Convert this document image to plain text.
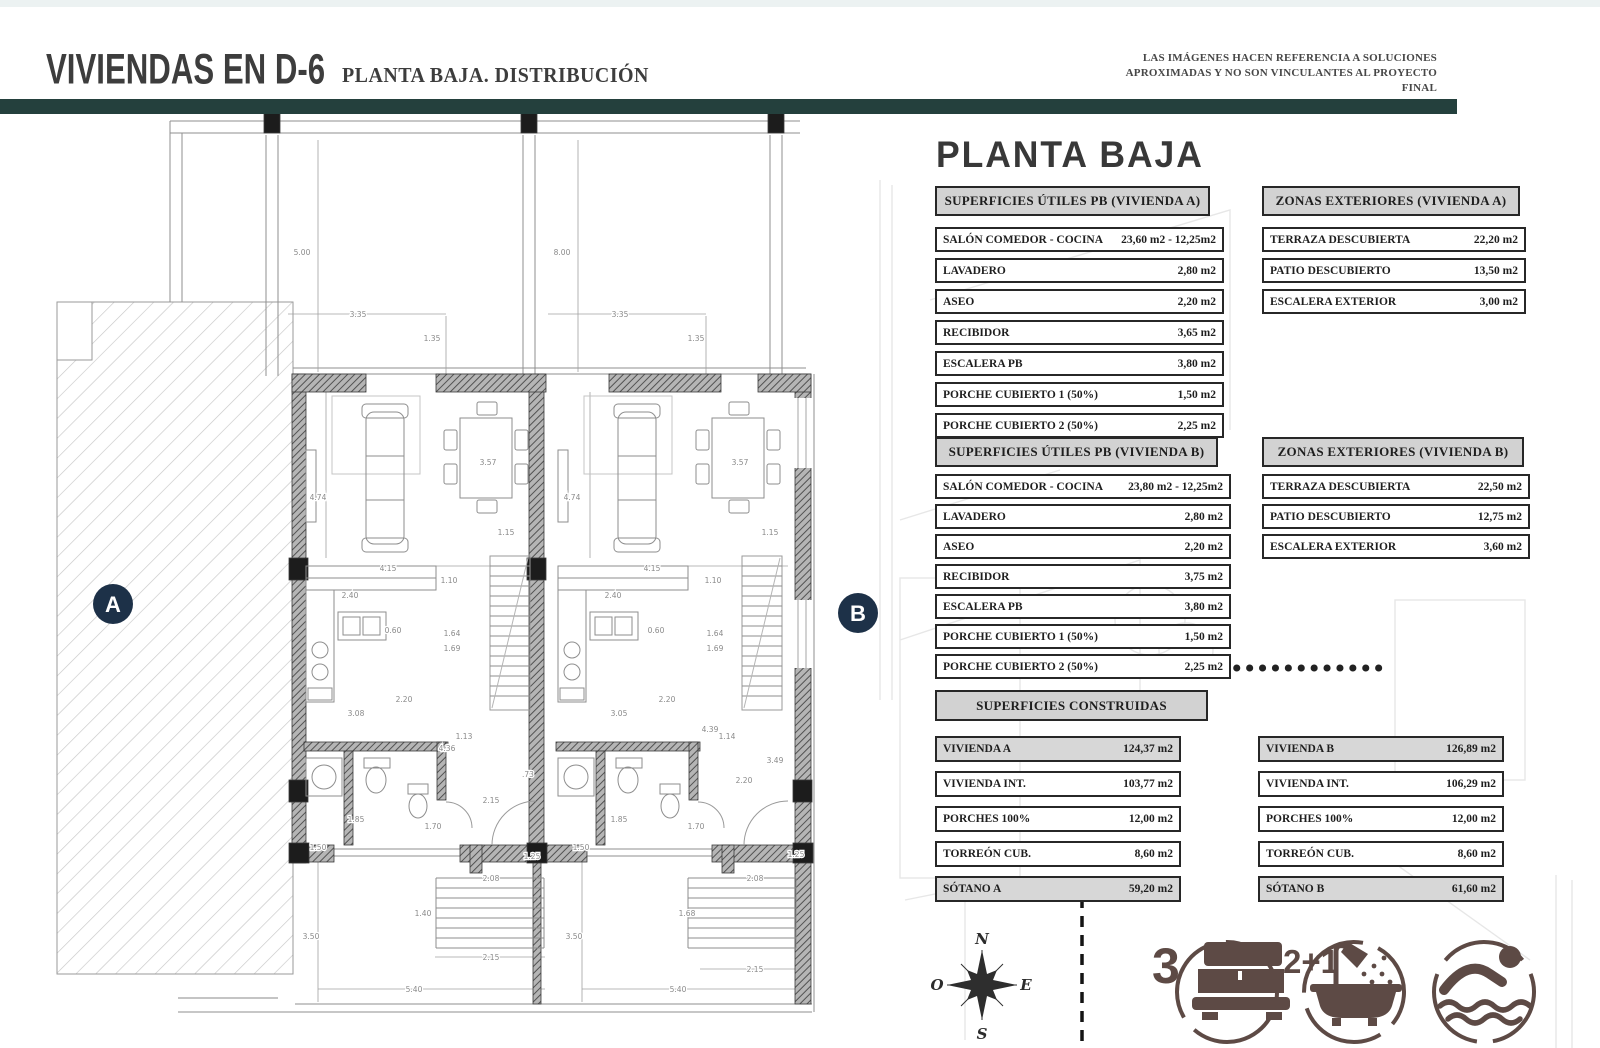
5.00	8.00
3.35
1.35
3.35
1.35
4.74
3.57
4.74
3.57
1.15	1.15
4.15	4.15
1.10	1.10
2.40	2.40
0.60	0.60
1.64	1.64
1.69	1.69
2.20	2.20
3.08	3.05
1.13	1.14
4.36
4.39
.73
2.15
2.20
3.49
1.85	1.85
1.70	1.70
1.50	1.50
1.25	1.25
2.08	2.08
1.40	1.68
3.50	3.50
2.15
2.15
5.40	5.40
A	B
N
S
E
O	3	2+1
VIVIENDAS EN D-6 PLANTA BAJA. DISTRIBUCIÓN
LAS IMÁGENES HACEN REFERENCIA A SOLUCIONES
APROXIMADAS Y NO SON VINCULANTES AL PROYECTO FINAL
PLANTA BAJA
SUPERFICIES ÚTILES PB (VIVIENDA A)
SALÓN COMEDOR - COCINA 23,60 m2 - 12,25m2
LAVADERO	2,80 m2
ASEO	2,20 m2
RECIBIDOR	3,65 m2
ESCALERA PB	3,80 m2
PORCHE CUBIERTO 1 (50%)	1,50 m2
PORCHE CUBIERTO 2 (50%)	2,25 m2
ZONAS EXTERIORES (VIVIENDA A)
TERRAZA DESCUBIERTA	22,20 m2
PATIO DESCUBIERTO	13,50 m2
ESCALERA EXTERIOR	3,00 m2
SUPERFICIES ÚTILES PB (VIVIENDA B)
SALÓN COMEDOR - COCINA 23,80 m2 - 12,25m2
LAVADERO	2,80 m2
ASEO	2,20 m2
RECIBIDOR	3,75 m2
ESCALERA PB	3,80 m2
PORCHE CUBIERTO 1 (50%)	1,50 m2
PORCHE CUBIERTO 2 (50%)	2,25 m2
ZONAS EXTERIORES (VIVIENDA B)
TERRAZA DESCUBIERTA	22,50 m2
PATIO DESCUBIERTO	12,75 m2
ESCALERA EXTERIOR	3,60 m2
SUPERFICIES CONSTRUIDAS
VIVIENDA A	124,37 m2
VIVIENDA INT.	103,77 m2
PORCHES 100%	12,00 m2
TORREÓN CUB.	8,60 m2
SÓTANO A	59,20 m2
VIVIENDA B	126,89 m2
VIVIENDA INT.	106,29 m2
PORCHES 100%	12,00 m2
TORREÓN CUB.	8,60 m2
SÓTANO B	61,60 m2
